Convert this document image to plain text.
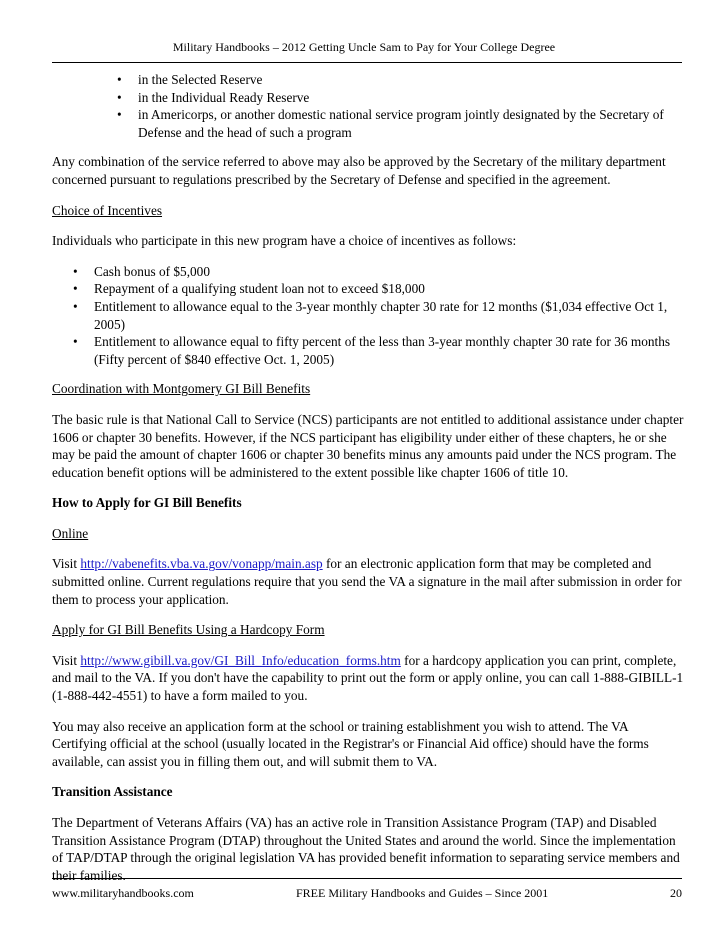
Military Handbooks – 2012 Getting Uncle Sam to Pay for Your College Degree
• in the Selected Reserve
• in the Individual Ready Reserve
• in Americorps, or another domestic national service program jointly designated by the Secretary of Defense and the head of such a program

Any combination of the service referred to above may also be approved by the Secretary of the military department concerned pursuant to regulations prescribed by the Secretary of Defense and specified in the agreement.

Choice of Incentives

Individuals who participate in this new program have a choice of incentives as follows:

• Cash bonus of $5,000
• Repayment of a qualifying student loan not to exceed $18,000
• Entitlement to allowance equal to the 3-year monthly chapter 30 rate for 12 months ($1,034 effective Oct 1, 2005)
• Entitlement to allowance equal to fifty percent of the less than 3-year monthly chapter 30 rate for 36 months (Fifty percent of $840 effective Oct. 1, 2005)

Coordination with Montgomery GI Bill Benefits

The basic rule is that National Call to Service (NCS) participants are not entitled to additional assistance under chapter 1606 or chapter 30 benefits. However, if the NCS participant has eligibility under either of these chapters, he or she may be paid the amount of chapter 1606 or chapter 30 benefits minus any amounts paid under the NCS program. The education benefit options will be administered to the extent possible like chapter 1606 of title 10.

How to Apply for GI Bill Benefits

Online

Visit http://vabenefits.vba.va.gov/vonapp/main.asp for an electronic application form that may be completed and submitted online. Current regulations require that you send the VA a signature in the mail after submission in order for them to process your application.

Apply for GI Bill Benefits Using a Hardcopy Form

Visit http://www.gibill.va.gov/GI_Bill_Info/education_forms.htm for a hardcopy application you can print, complete, and mail to the VA. If you don't have the capability to print out the form or apply online, you can call 1-888-GIBILL-1 (1-888-442-4551) to have a form mailed to you.

You may also receive an application form at the school or training establishment you wish to attend. The VA Certifying official at the school (usually located in the Registrar's or Financial Aid office) should have the forms available, can assist you in filling them out, and will submit them to VA.

Transition Assistance

The Department of Veterans Affairs (VA) has an active role in Transition Assistance Program (TAP) and Disabled Transition Assistance Program (DTAP) throughout the United States and around the world. Since the implementation of TAP/DTAP through the original legislation VA has provided benefit information to separating service members and their families.

www.militaryhandbooks.com	FREE Military Handbooks and Guides – Since 2001	20
